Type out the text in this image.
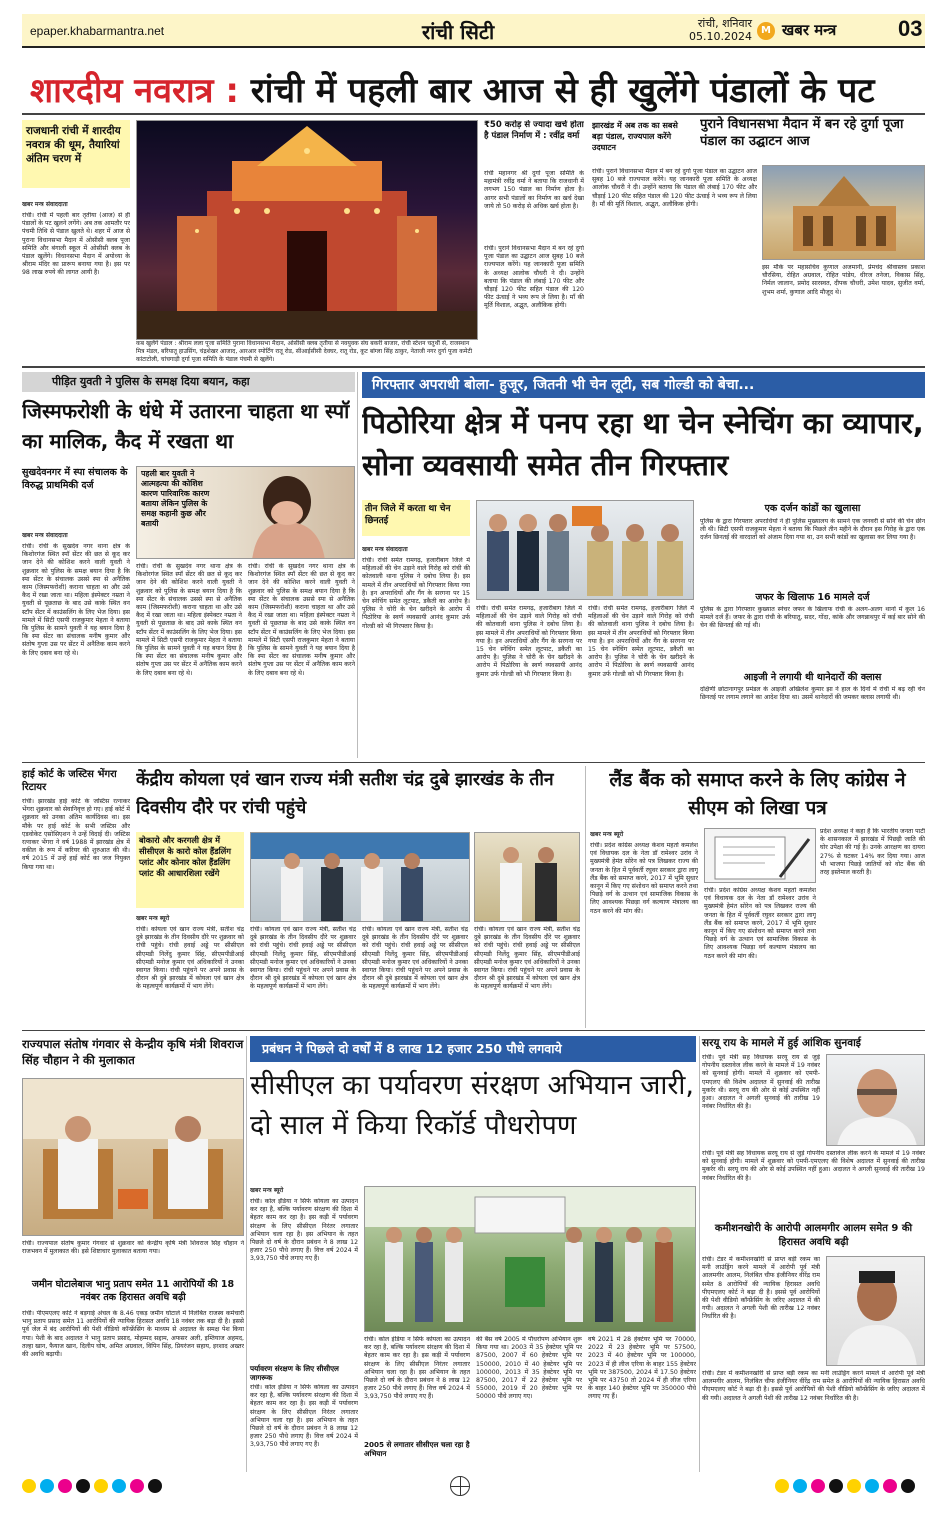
epaper.khabarmantra.net	रांची सिटी	रांची, शनिवार
05.10.2024 M खबर मन्त्र	03
शारदीय नवरात्र : रांची में पहली बार आज से ही खुलेंगे पंडालों के पट
राजधानी रांची में शारदीय नवरात्र की धूम, तैयारियां अंतिम चरण में
खबर मन्त्र संवाददाता
रांची। रांची में पहली बार तृतीया (आज) से ही पंडालों के पट खुलने लगेंगे। अब तक आमतौर पर पंचमी तिथि से पंडाल खुलते थे। शहर में आज से पुराना विधानसभा मैदान में ओसीसी क्लब पूजा समिति और बंगाली स्कूल में ओसीसी क्लब के पंडाल खुलेंगे। विधानसभा मैदान में अयोध्या के श्रीराम मंदिर का प्रारूप बनाया गया है। इस पर 98 लाख रुपये की लागत आयी है।
₹50 करोड़ से ज्यादा खर्च होता है पंडाल निर्माण में : रवींद्र वर्मा
रांची महानगर श्री दुर्गा पूजा समिति के महामंत्री रवींद्र वर्मा ने बताया कि राजधानी में लगभग 150 पंडाल का निर्माण होता है। आगर सभी पंडालों का निर्माण का खर्च देखा जाये तो 50 करोड़ से अधिक खर्च होता है।
झारखंड में अब तक का सबसे बड़ा पंडाल, राज्यपाल करेंगे उदघाटन
पुराने विधानसभा मैदान में बन रहे दुर्गा पूजा पंडाल का उद्घाटन आज
रांची। पुराने विधानसभा मैदान में बन रहे दुर्गा पूजा पंडाल का उद्घाटन आज सुबह 10 बजे राज्यपाल करेंगे। यह जानकारी पूजा समिति के अध्यक्ष आलोक चौधरी ने दी। उन्होंने बताया कि पंडाल की लंबाई 170 फीट और चौड़ाई 120 फीट सहित पंडाल की 120 फीट ऊंचाई ने भव्य रूप ले लिया है। माँ की मूर्ति विशाल, अद्भुत, अलौकिक होगी।
रांची। पुराने विधानसभा मैदान में बन रहे दुर्गा पूजा पंडाल का उद्घाटन आज सुबह 10 बजे राज्यपाल करेंगे। यह जानकारी पूजा समिति के अध्यक्ष आलोक चौधरी ने दी। उन्होंने बताया कि पंडाल की लंबाई 170 फीट और चौड़ाई 120 फीट सहित पंडाल की 120 फीट ऊंचाई ने भव्य रूप ले लिया है। माँ की मूर्ति विशाल, अद्भुत, अलौकिक होगी।
इस मौके पर महासचिव कुणाल अजमानी, प्रेमचंद श्रीवास्तव प्रकाश चौरसिया, रोहित अग्रवाल, रोहित पांडेय, धीरज तनेजा, विकास सिंह, निर्मल जालान, प्रमोद सारस्वत, दीपक चौधरी, उमेश यादव, सुजीत वर्मा, शुभम शर्मा, कुणाल आदि मौजूद थे।
कब खुलेंगे पंडाल : श्रीराम लला पूजा समिति पुराना विधानसभा मैदान, ओसीसी क्लब तृतीया से नवयुवक संघ बकरी बाजार, रांची स्टेशन चतुर्थी से, राजस्थान मित्र मंडल, बरियातू हाउसिंग, चंद्रशेखर आजाद, आरआर स्पोर्टिंग रातू रोड, सीआईसीसी देवघर, रातू रोड, कूट बांग्ला सिंह ठाकुर, नेताजी नगर दुर्गा पूजा कमेटी कांटाटोली, चांचगाड़ी दुर्गा पूजा समिति के पंडाल पंचमी से खुलेंगे।
पीड़ित युवती ने पुलिस के समक्ष दिया बयान, कहा
जिस्मफरोशी के धंधे में उतारना चाहता था स्पॉ का मालिक, कैद में रखता था
सुखदेवनगर में स्पा संचालक के विरुद्ध प्राथमिकी दर्ज
खबर मन्त्र संवाददाता
रांची। रांची के सुखदेव नगर थाना क्षेत्र के किशोरगंज स्थित स्पॉ सेंटर की छत से कूद कर जान देने की कोशिश करने वाली युवती ने शुक्रवार को पुलिस के समक्ष बयान दिया है कि स्पा सेंटर के संचालक उससे स्पा से अनैतिक काम (जिस्मफरोशी) कराना चाहता था और उसे कैद में रखा जाता था। महिला इंस्पेक्टर नम्रता ने युवती से पूछताछ के बाद उसे काके स्थित वन स्टॉप सेंटर में काउंसलिंग के लिए भेज दिया। इस मामले में सिटी एसपी राजकुमार मेहता ने बताया कि पुलिस के सामने युवती ने यह बयान दिया है कि स्पा सेंटर का संचालक मनीष कुमार और संतोष गुप्ता उस पर सेंटर में अनैतिक काम करने के लिए दबाव बना रहे थे।
पहली बार युवती ने आत्महत्या की कोशिश कारण पारिवारिक कारण बताया लेकिन पुलिस के समक्ष कहानी कुछ और बतायी
रांची। रांची के सुखदेव नगर थाना क्षेत्र के किशोरगंज स्थित स्पॉ सेंटर की छत से कूद कर जान देने की कोशिश करने वाली युवती ने शुक्रवार को पुलिस के समक्ष बयान दिया है कि स्पा सेंटर के संचालक उससे स्पा से अनैतिक काम (जिस्मफरोशी) कराना चाहता था और उसे कैद में रखा जाता था। महिला इंस्पेक्टर नम्रता ने युवती से पूछताछ के बाद उसे काके स्थित वन स्टॉप सेंटर में काउंसलिंग के लिए भेज दिया। इस मामले में सिटी एसपी राजकुमार मेहता ने बताया कि पुलिस के सामने युवती ने यह बयान दिया है कि स्पा सेंटर का संचालक मनीष कुमार और संतोष गुप्ता उस पर सेंटर में अनैतिक काम करने के लिए दबाव बना रहे थे।
रांची। रांची के सुखदेव नगर थाना क्षेत्र के किशोरगंज स्थित स्पॉ सेंटर की छत से कूद कर जान देने की कोशिश करने वाली युवती ने शुक्रवार को पुलिस के समक्ष बयान दिया है कि स्पा सेंटर के संचालक उससे स्पा से अनैतिक काम (जिस्मफरोशी) कराना चाहता था और उसे कैद में रखा जाता था। महिला इंस्पेक्टर नम्रता ने युवती से पूछताछ के बाद उसे काके स्थित वन स्टॉप सेंटर में काउंसलिंग के लिए भेज दिया। इस मामले में सिटी एसपी राजकुमार मेहता ने बताया कि पुलिस के सामने युवती ने यह बयान दिया है कि स्पा सेंटर का संचालक मनीष कुमार और संतोष गुप्ता उस पर सेंटर में अनैतिक काम करने के लिए दबाव बना रहे थे।
गिरफ्तार अपराधी बोला- हुजूर, जितनी भी चेन लूटी, सब गोल्डी को बेचा...
पिठोरिया क्षेत्र में पनप रहा था चेन स्नेचिंग का व्यापार, सोना व्यवसायी समेत तीन गिरफ्तार
तीन जिले में करता था चेन छिनतई
खबर मन्त्र संवाददाता
रांची। रांची समेत रामगढ़, हजारीबाग जिले में महिलाओं की चेन उड़ाने वाले गिरोह को रांची की कोतवाली थाना पुलिस ने दबोच लिया है। इस मामले में तीन अपराधियों को गिरफ्तार किया गया है। इन अपराधियों और गैंग के सरगना पर 15 चेन स्नेचिंग समेत लूटपाट, डकैती का आरोप है। पुलिस ने चोरी के चेन खरीदने के आरोप में पिठोरिया के स्वर्ण व्यवसायी आनंद कुमार उर्फ गोल्डी को भी गिरफ्तार किया है।
रांची। रांची समेत रामगढ़, हजारीबाग जिले में महिलाओं की चेन उड़ाने वाले गिरोह को रांची की कोतवाली थाना पुलिस ने दबोच लिया है। इस मामले में तीन अपराधियों को गिरफ्तार किया गया है। इन अपराधियों और गैंग के सरगना पर 15 चेन स्नेचिंग समेत लूटपाट, डकैती का आरोप है। पुलिस ने चोरी के चेन खरीदने के आरोप में पिठोरिया के स्वर्ण व्यवसायी आनंद कुमार उर्फ गोल्डी को भी गिरफ्तार किया है।
रांची। रांची समेत रामगढ़, हजारीबाग जिले में महिलाओं की चेन उड़ाने वाले गिरोह को रांची की कोतवाली थाना पुलिस ने दबोच लिया है। इस मामले में तीन अपराधियों को गिरफ्तार किया गया है। इन अपराधियों और गैंग के सरगना पर 15 चेन स्नेचिंग समेत लूटपाट, डकैती का आरोप है। पुलिस ने चोरी के चेन खरीदने के आरोप में पिठोरिया के स्वर्ण व्यवसायी आनंद कुमार उर्फ गोल्डी को भी गिरफ्तार किया है।
एक दर्जन कांडों का खुलासा
पुलिस के द्वारा गिरफ्तार अपराधियों ने ही पुलिस मुख्यालय के सामने एक जनवरी से सोने की चेन छीन ली थी। सिटी एसपी राजकुमार मेहता ने बताया कि पिछले तीन महीने के दौरान इस गिरोह के द्वारा एक दर्जन छिनतई की वारदातों को अंजाम दिया गया था, उन सभी कांडों का खुलासा कर लिया गया है।
जफर के खिलाफ 16 मामले दर्ज
पुलिस के द्वारा गिरफ्तार कुख्यात स्नेचर जफर के खिलाफ रांची के अलग-अलग थानों में कुल 16 मामले दर्ज हैं। जफर के द्वारा रांची के बरियातू, सदर, गोंदा, कांके और जगन्नाथपुर में कई बार सोने की चेन की छिनतई की गई थी।
आइजी ने लगायी थी थानेदारों की क्लास
दक्षिणी छोटानागपुर प्रमंडल के आइजी अखिलेश कुमार झा ने हाल के दिनों में रांची में बढ़ रही चेन छिनतई पर लगाम लगाने का आदेश दिया था। उसमें थानेदारों की जमकर क्लास लगायी थी।
हाई कोर्ट के जस्टिस भेंगरा रिटायर
रांची। झारखंड हाई कोर्ट के जस्टिस रत्नाकर भेंगरा शुक्रवार को सेवानिवृत्त हो गए। हाई कोर्ट में शुक्रवार को उनका अंतिम कार्यदिवस था। इस मौके पर हाई कोर्ट के सभी जस्टिस और एडवोकेट एसोसिएशन ने उन्हें विदाई दी। जस्टिस रत्नाकर भेंगरा ने वर्ष 1988 में झारखंड क्षेत्र में वकील के रूप में करियर की शुरुआत की थी। वर्ष 2015 में उन्हें हाई कोर्ट का जज नियुक्त किया गया था।
केंद्रीय कोयला एवं खान राज्य मंत्री सतीश चंद्र दुबे झारखंड के तीन दिवसीय दौरे पर रांची पहुंचे
बोकारो और करगली क्षेत्र में सीसीएल के कारो कोल हैंडलिंग प्लांट और कोनार कोल हैंडलिंग प्लांट की आधारशिला रखेंगे
खबर मन्त्र ब्यूरो
रांची। कोयला एवं खान राज्य मंत्री, सतीश चंद्र दुबे झारखंड के तीन दिवसीय दौरे पर शुक्रवार को रांची पहुंचे। रांची हवाई अड्डे पर सीसीएल सीएमडी निलेंदु कुमार सिंह, सीएमपीडीआई सीएमडी मनोज कुमार एवं अधिकारियों ने उनका स्वागत किया। रांची पहुंचने पर अपने प्रवास के दौरान श्री दुबे झारखंड में कोयला एवं खान क्षेत्र के महत्वपूर्ण कार्यक्रमों में भाग लेंगे।
रांची। कोयला एवं खान राज्य मंत्री, सतीश चंद्र दुबे झारखंड के तीन दिवसीय दौरे पर शुक्रवार को रांची पहुंचे। रांची हवाई अड्डे पर सीसीएल सीएमडी निलेंदु कुमार सिंह, सीएमपीडीआई सीएमडी मनोज कुमार एवं अधिकारियों ने उनका स्वागत किया। रांची पहुंचने पर अपने प्रवास के दौरान श्री दुबे झारखंड में कोयला एवं खान क्षेत्र के महत्वपूर्ण कार्यक्रमों में भाग लेंगे।
रांची। कोयला एवं खान राज्य मंत्री, सतीश चंद्र दुबे झारखंड के तीन दिवसीय दौरे पर शुक्रवार को रांची पहुंचे। रांची हवाई अड्डे पर सीसीएल सीएमडी निलेंदु कुमार सिंह, सीएमपीडीआई सीएमडी मनोज कुमार एवं अधिकारियों ने उनका स्वागत किया। रांची पहुंचने पर अपने प्रवास के दौरान श्री दुबे झारखंड में कोयला एवं खान क्षेत्र के महत्वपूर्ण कार्यक्रमों में भाग लेंगे।
रांची। कोयला एवं खान राज्य मंत्री, सतीश चंद्र दुबे झारखंड के तीन दिवसीय दौरे पर शुक्रवार को रांची पहुंचे। रांची हवाई अड्डे पर सीसीएल सीएमडी निलेंदु कुमार सिंह, सीएमपीडीआई सीएमडी मनोज कुमार एवं अधिकारियों ने उनका स्वागत किया। रांची पहुंचने पर अपने प्रवास के दौरान श्री दुबे झारखंड में कोयला एवं खान क्षेत्र के महत्वपूर्ण कार्यक्रमों में भाग लेंगे।
लैंड बैंक को समाप्त करने के लिए कांग्रेस ने सीएम को लिखा पत्र
खबर मन्त्र ब्यूरो
रांची। प्रदेश कांग्रेस अध्यक्ष केशव महतो कमलेश एवं विधायक दल के नेता डॉ रामेश्वर उरांव ने मुख्यमंत्री हेमंत सोरेन को पत्र लिखकर राज्य की जनता के हित में पूर्ववर्ती रघुवर सरकार द्वारा लागू लैंड बैंक को समाप्त करने, 2017 में भूमि सुधार कानून में किए गए संशोधन को समाप्त करने तथा पिछड़े वर्ग के उत्थान एवं सामाजिक विकास के लिए आवश्यक पिछड़ा वर्ग कल्याण मंत्रालय का गठन करने की मांग की।
रांची। प्रदेश कांग्रेस अध्यक्ष केशव महतो कमलेश एवं विधायक दल के नेता डॉ रामेश्वर उरांव ने मुख्यमंत्री हेमंत सोरेन को पत्र लिखकर राज्य की जनता के हित में पूर्ववर्ती रघुवर सरकार द्वारा लागू लैंड बैंक को समाप्त करने, 2017 में भूमि सुधार कानून में किए गए संशोधन को समाप्त करने तथा पिछड़े वर्ग के उत्थान एवं सामाजिक विकास के लिए आवश्यक पिछड़ा वर्ग कल्याण मंत्रालय का गठन करने की मांग की।
प्रदेश अध्यक्ष ने कहा है कि भारतीय जनता पार्टी के शासनकाल में झारखंड में पिछड़ी जाति की घोर उपेक्षा की गई है। उनके आरक्षण का दायरा 27% से घटकर 14% कर दिया गया। आज भी भाजपा पिछड़े जातियों को वोट बैंक की तरह इस्तेमाल करती है।
राज्यपाल संतोष गंगवार से केन्द्रीय कृषि मंत्री शिवराज सिंह चौहान ने की मुलाकात
रांची। राज्यपाल संतोष कुमार गंगवार से शुक्रवार को केन्द्रीय कृषि मंत्री शिवराज सिंह चौहान ने राजभवन में मुलाकात की। इसे शिष्टाचार मुलाकात बताया गया।
जमीन घोटालेबाज भानु प्रताप समेत 11 आरोपियों की 18 नवंबर तक हिरासत अवधि बढ़ी
रांची। पीएमएलए कोर्ट ने बड़गाई अंचल के 8.46 एकड़ जमीन घोटाले में निलंबित राजस्व कर्मचारी भानु प्रताप प्रसाद समेत 11 आरोपियों की न्यायिक हिरासत अवधि 18 नवंबर तक बढ़ा दी है। इससे पूर्व जेल में बंद आरोपियों की पेशी वीडियो कॉन्फ्रेंसिंग के माध्यम से अदालत के समक्ष पेश किया गया। पेशी के बाद अदालत ने भानु प्रताप प्रसाद, मोहम्मद सद्दाम, अफसर अली, इम्तियाज अहमद, तल्हा खान, फैयाज खान, दिलीप घोष, अमित अग्रवाल, विपिन सिंह, प्रियरंजन सहाय, इरशाद अख्तर की अवधि बढ़ायी।
प्रबंधन ने पिछले दो वर्षों में 8 लाख 12 हजार 250 पौधे लगवाये
सीसीएल का पर्यावरण संरक्षण अभियान जारी, दो साल में किया रिकॉर्ड पौधरोपण
खबर मन्त्र ब्यूरो
रांची। कोल इंडिया न सिर्फ कोयला का उत्पादन कर रहा है, बल्कि पर्यावरण संरक्षण की दिशा में बेहतर काम कर रहा है। इस कड़ी में पर्यावरण संरक्षण के लिए सीसीएल निरंतर लगातार अभियान चला रहा है। इस अभियान के तहत पिछले दो वर्ष के दौरान प्रबंधन ने 8 लाख 12 हजार 250 पौधे लगाए हैं। वित्त वर्ष 2024 में 3,93,750 पौधे लगाए गए हैं।
पर्यावरण संरक्षण के लिए सीसीएल जागरूक
रांची। कोल इंडिया न सिर्फ कोयला का उत्पादन कर रहा है, बल्कि पर्यावरण संरक्षण की दिशा में बेहतर काम कर रहा है। इस कड़ी में पर्यावरण संरक्षण के लिए सीसीएल निरंतर लगातार अभियान चला रहा है। इस अभियान के तहत पिछले दो वर्ष के दौरान प्रबंधन ने 8 लाख 12 हजार 250 पौधे लगाए हैं। वित्त वर्ष 2024 में 3,93,750 पौधे लगाए गए हैं।
रांची। कोल इंडिया न सिर्फ कोयला का उत्पादन कर रहा है, बल्कि पर्यावरण संरक्षण की दिशा में बेहतर काम कर रहा है। इस कड़ी में पर्यावरण संरक्षण के लिए सीसीएल निरंतर लगातार अभियान चला रहा है। इस अभियान के तहत पिछले दो वर्ष के दौरान प्रबंधन ने 8 लाख 12 हजार 250 पौधे लगाए हैं। वित्त वर्ष 2024 में 3,93,750 पौधे लगाए गए हैं।
2005 से लगातार सीसीएल चला रहा है अभियान
की बैस वर्ष 2005 में पौधरोपण अभियान शुरू किया गया था। 2003 में 35 हेक्टेयर भूमि पर 87500, 2007 में 60 हेक्टेयर भूमि पर 150000, 2010 में 40 हेक्टेयर भूमि पर 100000, 2013 में 35 हेक्टेयर भूमि पर 87500, 2017 में 22 हेक्टेयर भूमि पर 55000, 2019 में 20 हेक्टेयर भूमि पर 50000 पौधे लगाए गए।
वर्ष 2021 में 28 हेक्टेयर भूमि पर 70000, 2022 में 23 हेक्टेयर भूमि पर 57500, 2023 में 40 हेक्टेयर भूमि पर 100000, 2023 में ही लीज एरिया के बाहर 155 हेक्टेयर भूमि पर 387500, 2024 में 17.50 हेक्टेयर भूमि पर 43750 तो 2024 में ही लीज एरिया के बाहर 140 हेक्टेयर भूमि पर 350000 पौधे लगाए गए हैं।
सरयू राय के मामले में हुई आंशिक सुनवाई
रांची। पूर्व मंत्री सह विधायक सरयू राय से जुड़े गोपनीय दस्तावेज लीक करने के मामले में 19 नवंबर को सुनवाई होगी। मामले में शुक्रवार को एमपी-एमएलए की विशेष अदालत में सुनवाई की तारीख मुकर्रर थी। सरयू राय की ओर से कोई उपस्थित नहीं हुआ। अदालत ने अगली सुनवाई की तारीख 19 नवंबर निर्धारित की है।
रांची। पूर्व मंत्री सह विधायक सरयू राय से जुड़े गोपनीय दस्तावेज लीक करने के मामले में 19 नवंबर को सुनवाई होगी। मामले में शुक्रवार को एमपी-एमएलए की विशेष अदालत में सुनवाई की तारीख मुकर्रर थी। सरयू राय की ओर से कोई उपस्थित नहीं हुआ। अदालत ने अगली सुनवाई की तारीख 19 नवंबर निर्धारित की है।
कमीशनखोरी के आरोपी आलमगीर आलम समेत 9 की हिरासत अवधि बढ़ी
रांची। टेंडर में कमीशनखोरी से प्राप्त बड़ी रकम का मनी लाउंड्रिंग करने मामले में आरोपी पूर्व मंत्री आलमगीर आलम, निलंबित चीफ इंजीनियर वीरेंद्र राम समेत 8 आरोपियों की न्यायिक हिरासत अवधि पीएमएलए कोर्ट ने बढ़ा दी है। इससे पूर्व आरोपियों की पेशी वीडियो कॉन्फ्रेंसिंग के जरिए अदालत में की गयी। अदालत ने अगली पेशी की तारीख 12 नवंबर निर्धारित की है।
रांची। टेंडर में कमीशनखोरी से प्राप्त बड़ी रकम का मनी लाउंड्रिंग करने मामले में आरोपी पूर्व मंत्री आलमगीर आलम, निलंबित चीफ इंजीनियर वीरेंद्र राम समेत 8 आरोपियों की न्यायिक हिरासत अवधि पीएमएलए कोर्ट ने बढ़ा दी है। इससे पूर्व आरोपियों की पेशी वीडियो कॉन्फ्रेंसिंग के जरिए अदालत में की गयी। अदालत ने अगली पेशी की तारीख 12 नवंबर निर्धारित की है।
